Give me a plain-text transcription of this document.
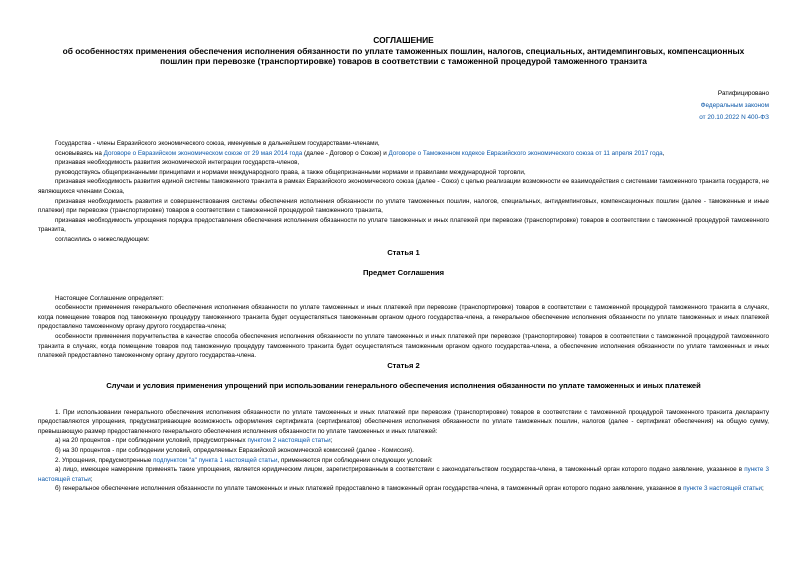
СОГЛАШЕНИЕ
об особенностях применения обеспечения исполнения обязанности по уплате таможенных пошлин, налогов, специальных, антидемпинговых, компенсационных
пошлин при перевозке (транспортировке) товаров в соответствии с таможенной процедурой таможенного транзита
Ратифицировано
Федеральным законом
от 20.10.2022 N 400-ФЗ

Государства - члены Евразийского экономического союза, именуемые в дальнейшем государствами-членами,

основываясь на Договоре о Евразийском экономическом союзе от 29 мая 2014 года (далее - Договор о Союзе) и Договоре о Таможенном кодексе Евразийского экономического союза от 11 апреля 2017 года,

признавая необходимость развития экономической интеграции государств-членов,

руководствуясь общепризнанными принципами и нормами международного права, а также общепризнанными нормами и правилами международной торговли,

признавая необходимость развития единой системы таможенного транзита в рамках Евразийского экономического союза (далее - Союз) с целью реализации возможности ее взаимодействия с системами таможенного транзита государств, не являющихся членами Союза,

признавая необходимость развития и совершенствования системы обеспечения исполнения обязанности по уплате таможенных пошлин, налогов, специальных, антидемпинговых, компенсационных пошлин (далее - таможенные и иные платежи) при перевозке (транспортировке) товаров в соответствии с таможенной процедурой таможенного транзита,

признавая необходимость упрощения порядка предоставления обеспечения исполнения обязанности по уплате таможенных и иных платежей при перевозке (транспортировке) товаров в соответствии с таможенной процедурой таможенного транзита,

согласились о нижеследующем:

Статья 1
Предмет Соглашения

Настоящее Соглашение определяет:

особенности применения генерального обеспечения исполнения обязанности по уплате таможенных и иных платежей при перевозке (транспортировке) товаров в соответствии с таможенной процедурой таможенного транзита в случаях, когда помещение товаров под таможенную процедуру таможенного транзита будет осуществляться таможенным органом одного государства-члена, а генеральное обеспечение исполнения обязанности по уплате таможенных и иных платежей предоставлено таможенному органу другого государства-члена;

особенности применения поручительства в качестве способа обеспечения исполнения обязанности по уплате таможенных и иных платежей при перевозке (транспортировке) товаров в соответствии с таможенной процедурой таможенного транзита в случаях, когда помещение товаров под таможенную процедуру таможенного транзита будет осуществляться таможенным органом одного государства-члена, а обеспечение исполнения обязанности по уплате таможенных и иных платежей предоставлено таможенному органу другого государства-члена.

Статья 2
Случаи и условия применения упрощений при использовании генерального обеспечения исполнения обязанности по уплате таможенных и иных платежей

1. При использовании генерального обеспечения исполнения обязанности по уплате таможенных и иных платежей при перевозке (транспортировке) товаров в соответствии с таможенной процедурой таможенного транзита декларанту предоставляются упрощения, предусматривающие возможность оформления сертификата (сертификатов) обеспечения исполнения обязанности по уплате таможенных пошлин, налогов (далее - сертификат обеспечения) на общую сумму, превышающую размер предоставленного генерального обеспечения исполнения обязанности по уплате таможенных и иных платежей:

а) на 20 процентов - при соблюдении условий, предусмотренных пунктом 2 настоящей статьи;

б) на 30 процентов - при соблюдении условий, определяемых Евразийской экономической комиссией (далее - Комиссия).

2. Упрощения, предусмотренные подпунктом "а" пункта 1 настоящей статьи, применяются при соблюдении следующих условий:

а) лицо, имеющее намерение применять такие упрощения, является юридическим лицом, зарегистрированным в соответствии с законодательством государства-члена, в таможенный орган которого подано заявление, указанное в пункте 3 настоящей статьи;

б) генеральное обеспечение исполнения обязанности по уплате таможенных и иных платежей предоставлено в таможенный орган государства-члена, в таможенный орган которого подано заявление, указанное в пункте 3 настоящей статьи;
